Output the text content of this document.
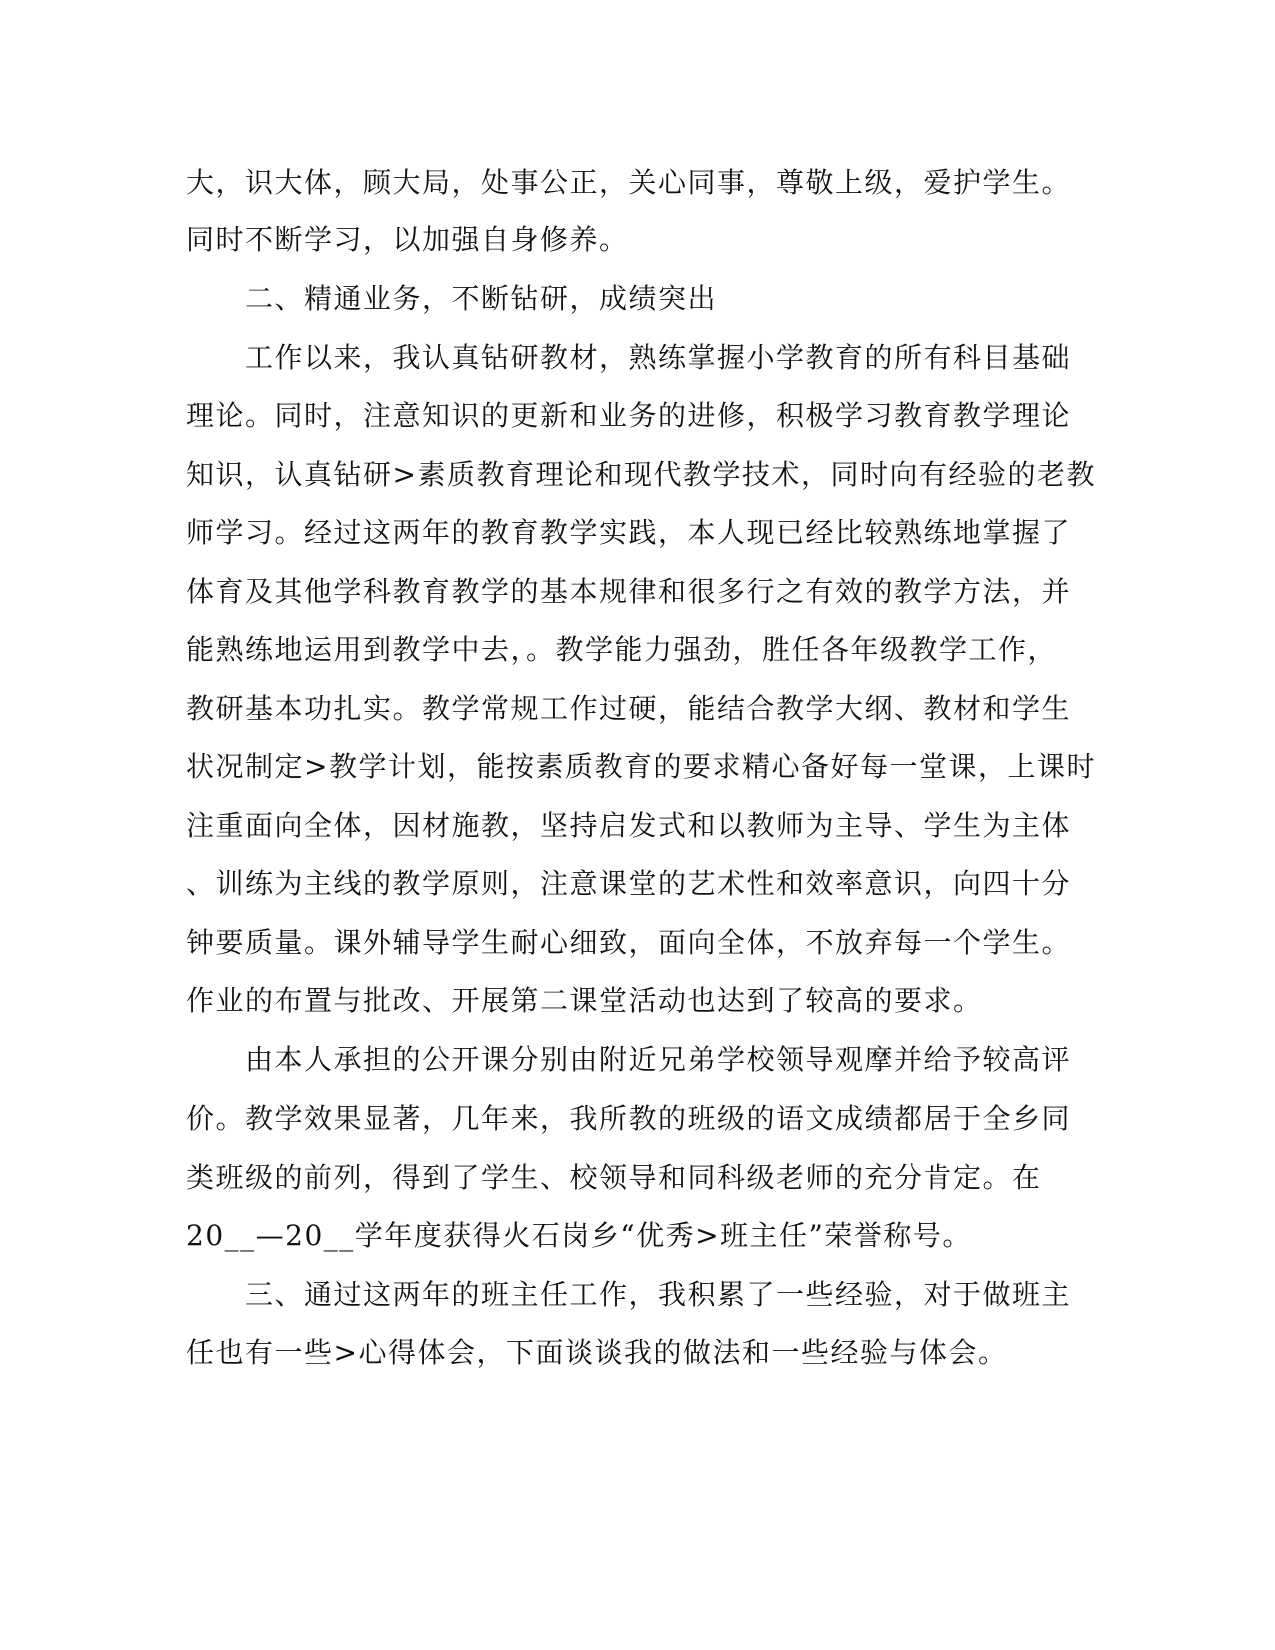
大，识大体，顾大局，处事公正，关心同事，尊敬上级，爱护学生。
同时不断学习，以加强自身修养。
　　二、精通业务，不断钻研，成绩突出
　　工作以来，我认真钻研教材，熟练掌握小学教育的所有科目基础
理论。同时，注意知识的更新和业务的进修，积极学习教育教学理论
知识，认真钻研>素质教育理论和现代教学技术，同时向有经验的老教
师学习。经过这两年的教育教学实践，本人现已经比较熟练地掌握了
体育及其他学科教育教学的基本规律和很多行之有效的教学方法，并
能熟练地运用到教学中去，。教学能力强劲，胜任各年级教学工作，
教研基本功扎实。教学常规工作过硬，能结合教学大纲、教材和学生
状况制定>教学计划，能按素质教育的要求精心备好每一堂课，上课时
注重面向全体，因材施教，坚持启发式和以教师为主导、学生为主体
、训练为主线的教学原则，注意课堂的艺术性和效率意识，向四十分
钟要质量。课外辅导学生耐心细致，面向全体，不放弃每一个学生。
作业的布置与批改、开展第二课堂活动也达到了较高的要求。
　　由本人承担的公开课分别由附近兄弟学校领导观摩并给予较高评
价。教学效果显著，几年来，我所教的班级的语文成绩都居于全乡同
类班级的前列，得到了学生、校领导和同科级老师的充分肯定。在
20__—20__学年度获得火石岗乡“优秀>班主任”荣誉称号。
　　三、通过这两年的班主任工作，我积累了一些经验，对于做班主
任也有一些>心得体会，下面谈谈我的做法和一些经验与体会。
